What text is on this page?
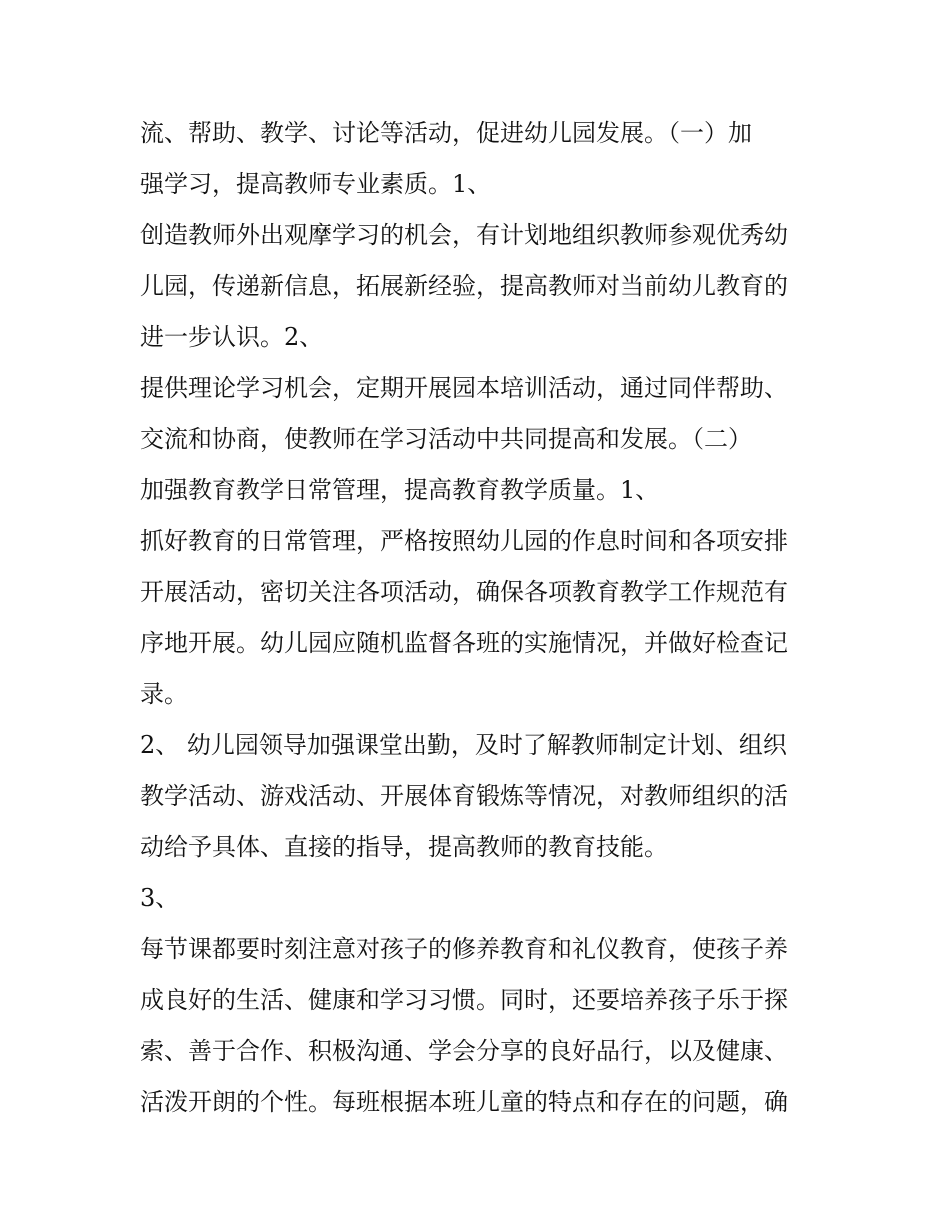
流、帮助、教学、讨论等活动，促进幼儿园发展。（一）加
强学习，提高教师专业素质。1、
创造教师外出观摩学习的机会，有计划地组织教师参观优秀幼
儿园，传递新信息，拓展新经验，提高教师对当前幼儿教育的
进一步认识。2、
提供理论学习机会，定期开展园本培训活动，通过同伴帮助、
交流和协商，使教师在学习活动中共同提高和发展。（二）
加强教育教学日常管理，提高教育教学质量。1、
抓好教育的日常管理，严格按照幼儿园的作息时间和各项安排
开展活动，密切关注各项活动，确保各项教育教学工作规范有
序地开展。幼儿园应随机监督各班的实施情况，并做好检查记
录。
2、 幼儿园领导加强课堂出勤，及时了解教师制定计划、组织
教学活动、游戏活动、开展体育锻炼等情况，对教师组织的活
动给予具体、直接的指导，提高教师的教育技能。
3、
每节课都要时刻注意对孩子的修养教育和礼仪教育，使孩子养
成良好的生活、健康和学习习惯。同时，还要培养孩子乐于探
索、善于合作、积极沟通、学会分享的良好品行，以及健康、
活泼开朗的个性。每班根据本班儿童的特点和存在的问题，确
